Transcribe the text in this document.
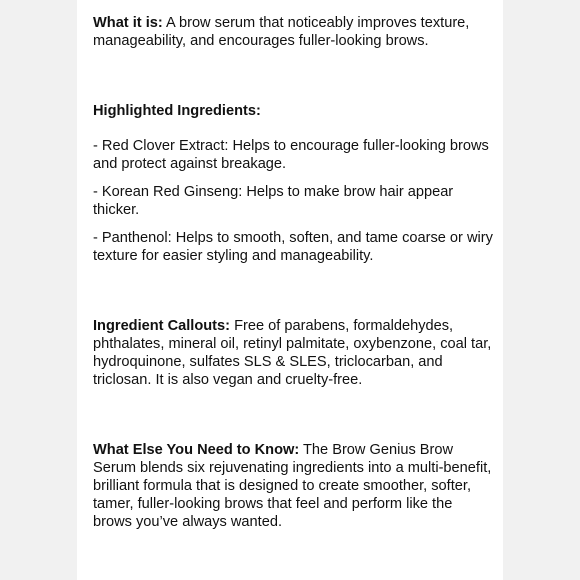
What it is: A brow serum that noticeably improves texture, manageability, and encourages fuller-looking brows.

Highlighted Ingredients:

- Red Clover Extract: Helps to encourage fuller-looking brows and protect against breakage.

- Korean Red Ginseng: Helps to make brow hair appear thicker.

- Panthenol: Helps to smooth, soften, and tame coarse or wiry texture for easier styling and manageability.

Ingredient Callouts: Free of parabens, formaldehydes, phthalates, mineral oil, retinyl palmitate, oxybenzone, coal tar, hydroquinone, sulfates SLS & SLES, triclocarban, and triclosan. It is also vegan and cruelty-free.

What Else You Need to Know: The Brow Genius Brow Serum blends six rejuvenating ingredients into a multi-benefit, brilliant formula that is designed to create smoother, softer, tamer, fuller-looking brows that feel and perform like the brows you’ve always wanted.
